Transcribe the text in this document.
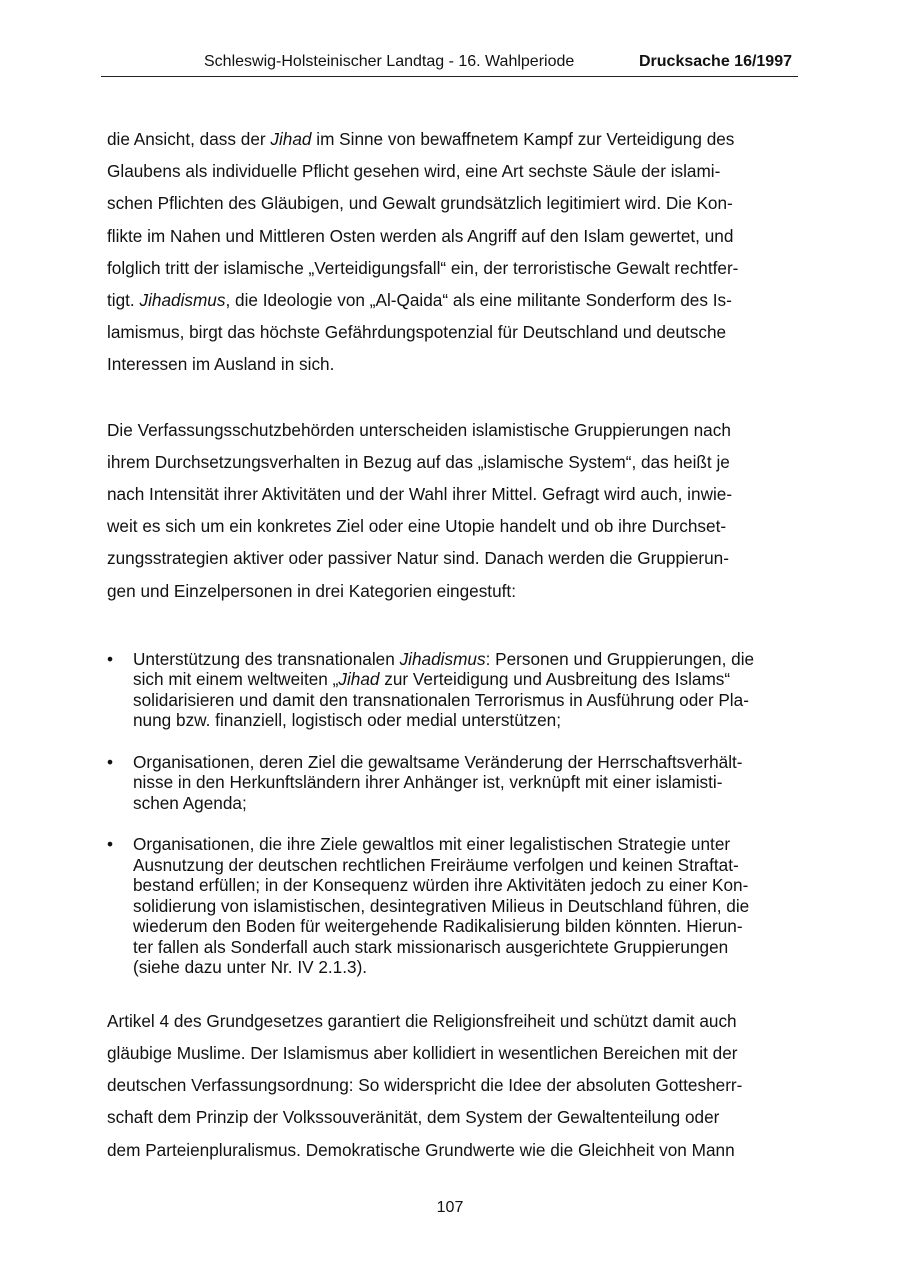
Schleswig-Holsteinischer Landtag - 16. Wahlperiode	Drucksache 16/1997

die Ansicht, dass der Jihad im Sinne von bewaffnetem Kampf zur Verteidigung des
Glaubens als individuelle Pflicht gesehen wird, eine Art sechste Säule der islami-
schen Pflichten des Gläubigen, und Gewalt grundsätzlich legitimiert wird. Die Kon-
flikte im Nahen und Mittleren Osten werden als Angriff auf den Islam gewertet, und
folglich tritt der islamische „Verteidigungsfall“ ein, der terroristische Gewalt rechtfer-
tigt. Jihadismus, die Ideologie von „Al-Qaida“ als eine militante Sonderform des Is-
lamismus, birgt das höchste Gefährdungspotenzial für Deutschland und deutsche
Interessen im Ausland in sich.

Die Verfassungsschutzbehörden unterscheiden islamistische Gruppierungen nach
ihrem Durchsetzungsverhalten in Bezug auf das „islamische System“, das heißt je
nach Intensität ihrer Aktivitäten und der Wahl ihrer Mittel. Gefragt wird auch, inwie-
weit es sich um ein konkretes Ziel oder eine Utopie handelt und ob ihre Durchset-
zungsstrategien aktiver oder passiver Natur sind. Danach werden die Gruppierun-
gen und Einzelpersonen in drei Kategorien eingestuft:

• Unterstützung des transnationalen Jihadismus: Personen und Gruppierungen, die
sich mit einem weltweiten „Jihad zur Verteidigung und Ausbreitung des Islams“
solidarisieren und damit den transnationalen Terrorismus in Ausführung oder Pla-
nung bzw. finanziell, logistisch oder medial unterstützen;
• Organisationen, deren Ziel die gewaltsame Veränderung der Herrschaftsverhält-
nisse in den Herkunftsländern ihrer Anhänger ist, verknüpft mit einer islamisti-
schen Agenda;
• Organisationen, die ihre Ziele gewaltlos mit einer legalistischen Strategie unter
Ausnutzung der deutschen rechtlichen Freiräume verfolgen und keinen Straftat-
bestand erfüllen; in der Konsequenz würden ihre Aktivitäten jedoch zu einer Kon-
solidierung von islamistischen, desintegrativen Milieus in Deutschland führen, die
wiederum den Boden für weitergehende Radikalisierung bilden könnten. Hierun-
ter fallen als Sonderfall auch stark missionarisch ausgerichtete Gruppierungen
(siehe dazu unter Nr. IV 2.1.3).

Artikel 4 des Grundgesetzes garantiert die Religionsfreiheit und schützt damit auch
gläubige Muslime. Der Islamismus aber kollidiert in wesentlichen Bereichen mit der
deutschen Verfassungsordnung: So widerspricht die Idee der absoluten Gottesherr-
schaft dem Prinzip der Volkssouveränität, dem System der Gewaltenteilung oder
dem Parteienpluralismus. Demokratische Grundwerte wie die Gleichheit von Mann

107
